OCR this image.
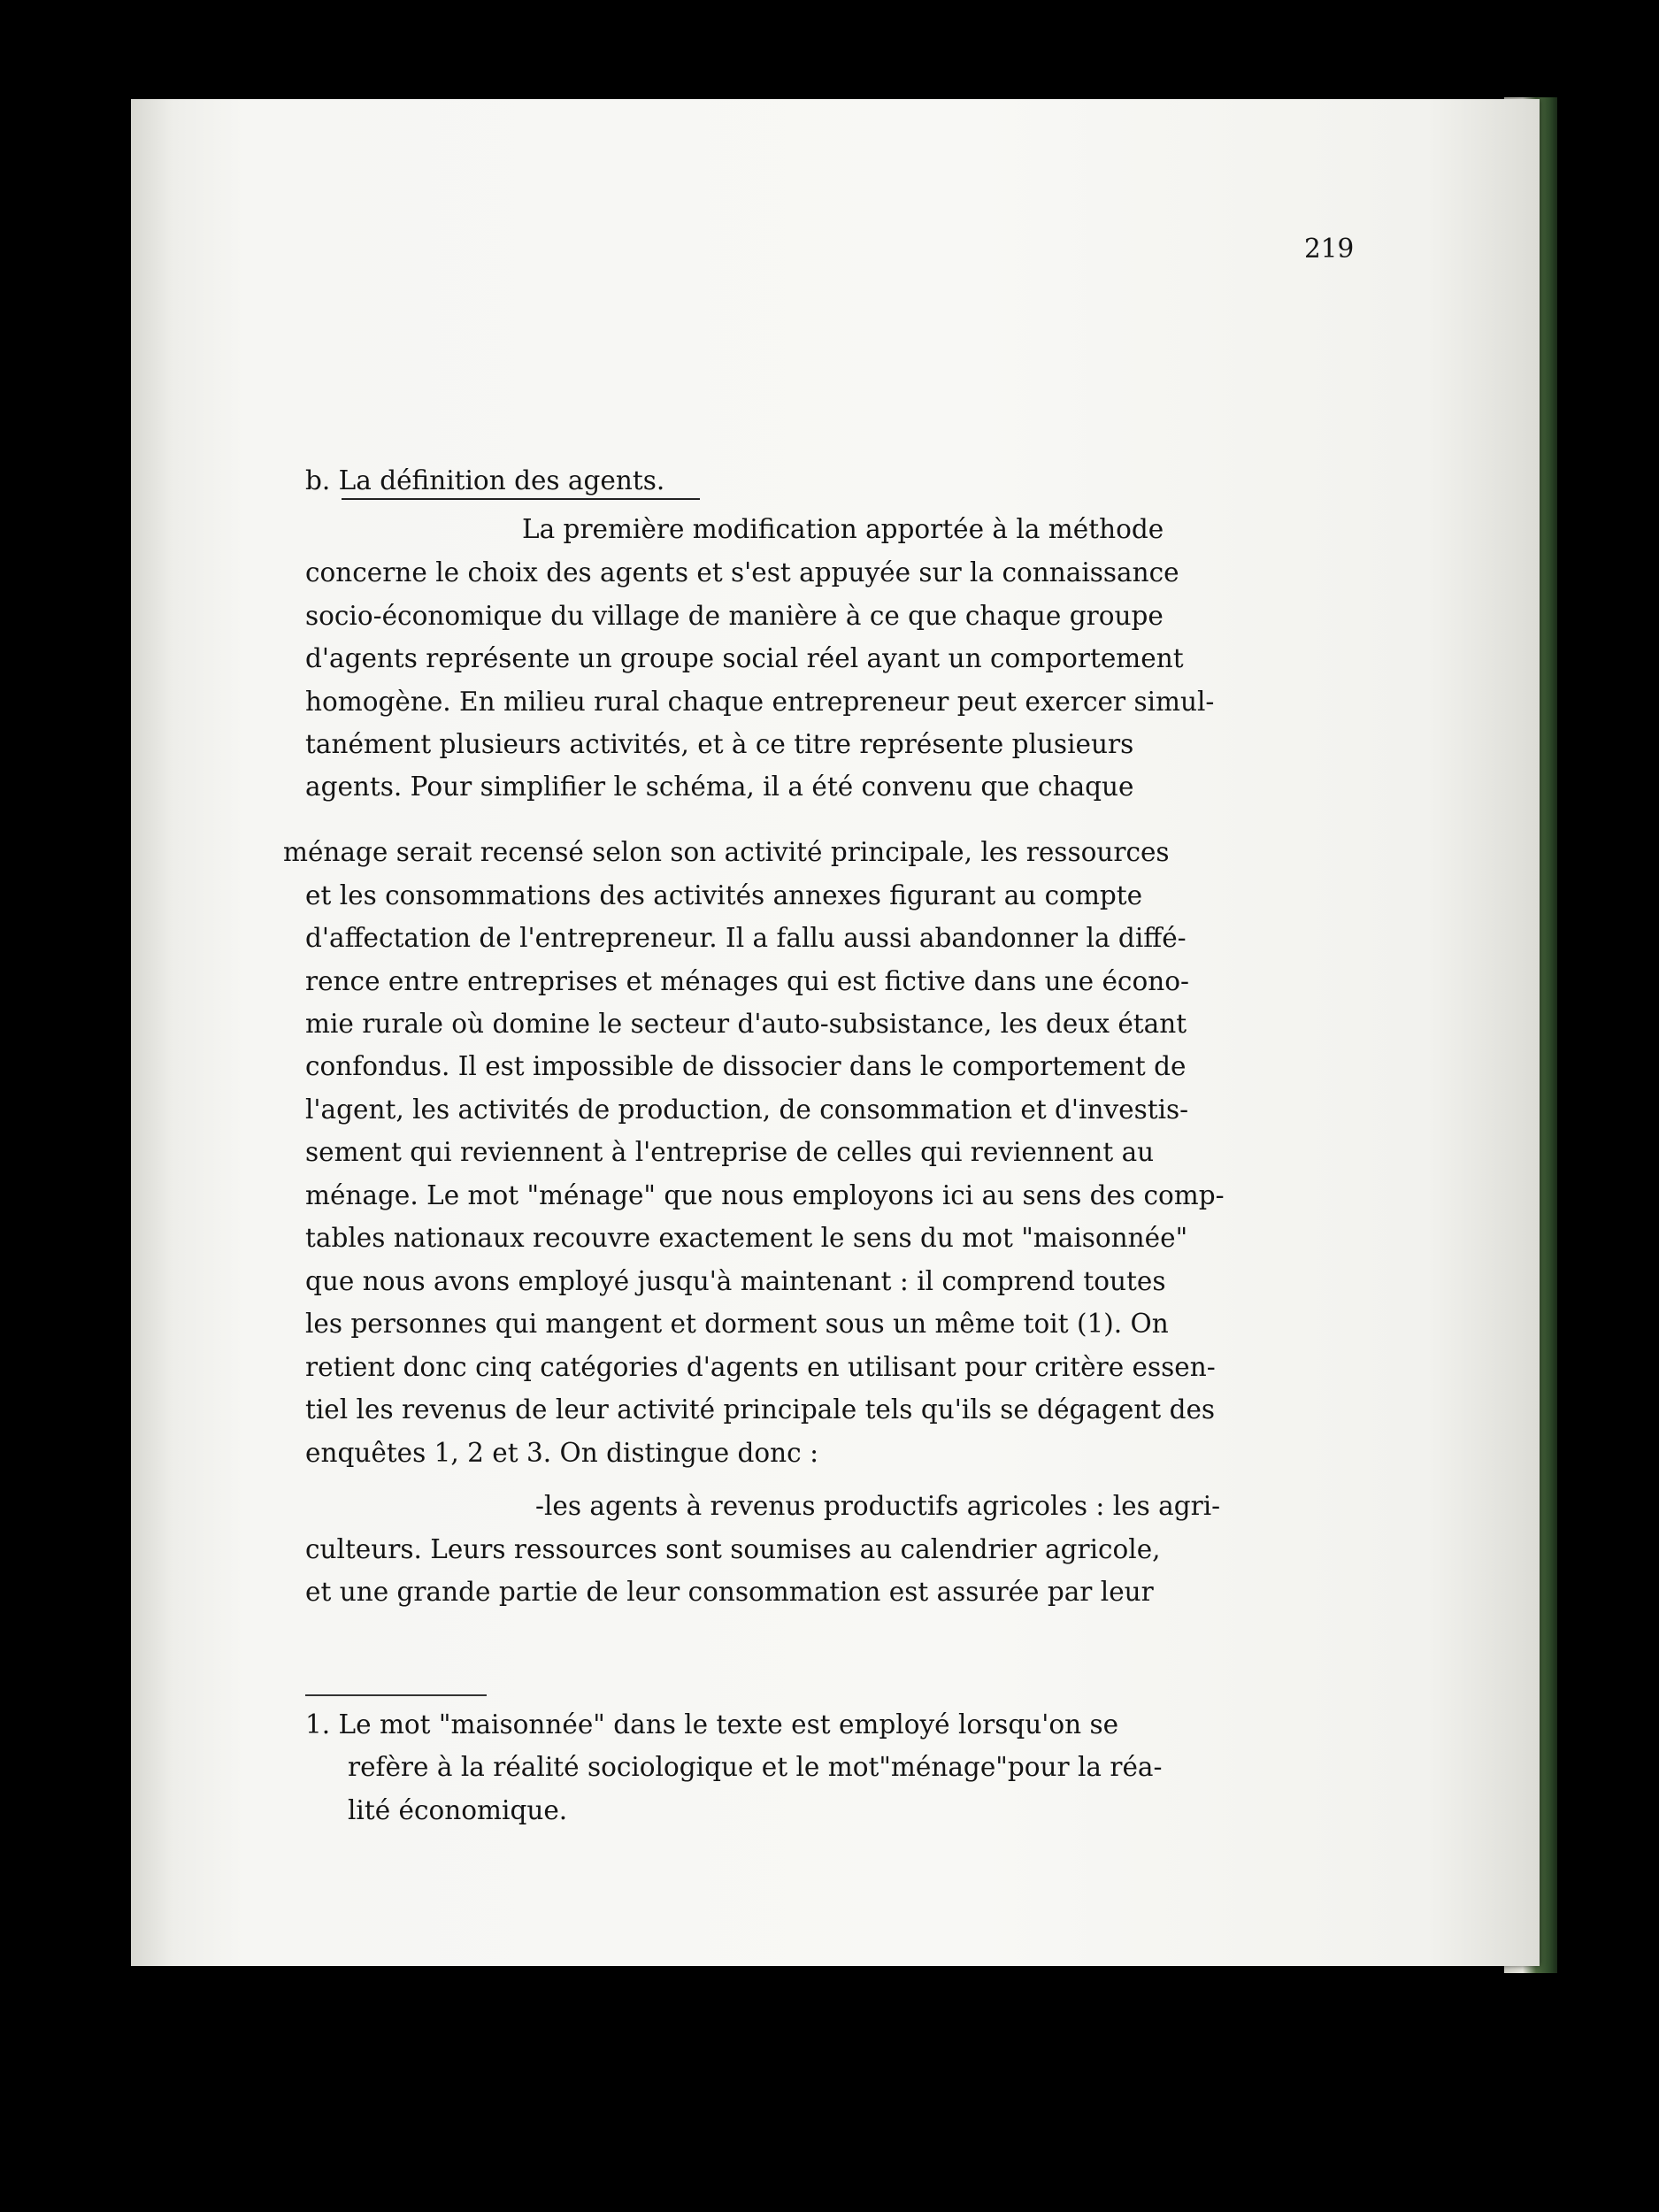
219
b. La définition des agents.
La première modification apportée à la méthode
concerne le choix des agents et s'est appuyée sur la connaissance
socio-économique du village de manière à ce que chaque groupe
d'agents représente un groupe social réel ayant un comportement
homogène. En milieu rural chaque entrepreneur peut exercer simul-
tanément plusieurs activités, et à ce titre représente plusieurs
agents. Pour simplifier le schéma, il a été convenu que chaque
ménage serait recensé selon son activité principale, les ressources
et les consommations des activités annexes figurant au compte
d'affectation de l'entrepreneur. Il a fallu aussi abandonner la diffé-
rence entre entreprises et ménages qui est fictive dans une écono-
mie rurale où domine le secteur d'auto-subsistance, les deux étant
confondus. Il est impossible de dissocier dans le comportement de
l'agent, les activités de production, de consommation et d'investis-
sement qui reviennent à l'entreprise de celles qui reviennent au
ménage. Le mot "ménage" que nous employons ici au sens des comp-
tables nationaux recouvre exactement le sens du mot "maisonnée"
que nous avons employé jusqu'à maintenant : il comprend toutes
les personnes qui mangent et dorment sous un même toit (1). On
retient donc cinq catégories d'agents en utilisant pour critère essen-
tiel les revenus de leur activité principale tels qu'ils se dégagent des
enquêtes 1, 2 et 3. On distingue donc :
-les agents à revenus productifs agricoles : les agri-
culteurs. Leurs ressources sont soumises au calendrier agricole,
et une grande partie de leur consommation est assurée par leur
1. Le mot "maisonnée" dans le texte est employé lorsqu'on se
refère à la réalité sociologique et le mot"ménage"pour la réa-
lité économique.
